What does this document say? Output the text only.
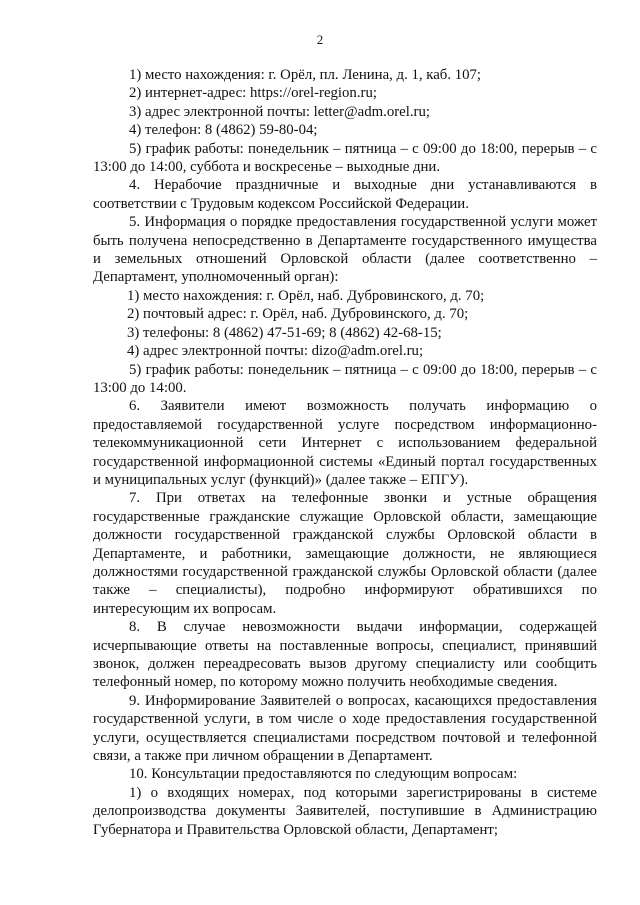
2
1) место нахождения: г. Орёл, пл. Ленина, д. 1, каб. 107;
2) интернет-адрес: https://orel-region.ru;
3) адрес электронной почты: letter@adm.orel.ru;
4) телефон: 8 (4862) 59-80-04;

5) график работы: понедельник – пятница – с 09:00 до 18:00, перерыв – с 13:00 до 14:00, суббота и воскресенье – выходные дни.

4. Нерабочие праздничные и выходные дни устанавливаются в соответствии с Трудовым кодексом Российской Федерации.

5. Информация о порядке предоставления государственной услуги может быть получена непосредственно в Департаменте государственного имущества и земельных отношений Орловской области (далее соответственно – Департамент, уполномоченный орган):

1) место нахождения: г. Орёл, наб. Дубровинского, д. 70;
2) почтовый адрес: г. Орёл, наб. Дубровинского, д. 70;
3) телефоны: 8 (4862) 47-51-69; 8 (4862) 42-68-15;
4) адрес электронной почты: dizo@adm.orel.ru;

5) график работы: понедельник – пятница – с 09:00 до 18:00, перерыв – с 13:00 до 14:00.

6. Заявители имеют возможность получать информацию о предоставляемой государственной услуге посредством информационно-телекоммуникационной сети Интернет с использованием федеральной государственной информационной системы «Единый портал государственных и муниципальных услуг (функций)» (далее также – ЕПГУ).

7. При ответах на телефонные звонки и устные обращения государственные гражданские служащие Орловской области, замещающие должности государственной гражданской службы Орловской области в Департаменте, и работники, замещающие должности, не являющиеся должностями государственной гражданской службы Орловской области (далее также – специалисты), подробно информируют обратившихся по интересующим их вопросам.

8. В случае невозможности выдачи информации, содержащей исчерпывающие ответы на поставленные вопросы, специалист, принявший звонок, должен переадресовать вызов другому специалисту или сообщить телефонный номер, по которому можно получить необходимые сведения.

9. Информирование Заявителей о вопросах, касающихся предоставления государственной услуги, в том числе о ходе предоставления государственной услуги, осуществляется специалистами посредством почтовой и телефонной связи, а также при личном обращении в Департамент.

10. Консультации предоставляются по следующим вопросам:

1) о входящих номерах, под которыми зарегистрированы в системе делопроизводства документы Заявителей, поступившие в Администрацию Губернатора и Правительства Орловской области, Департамент;
